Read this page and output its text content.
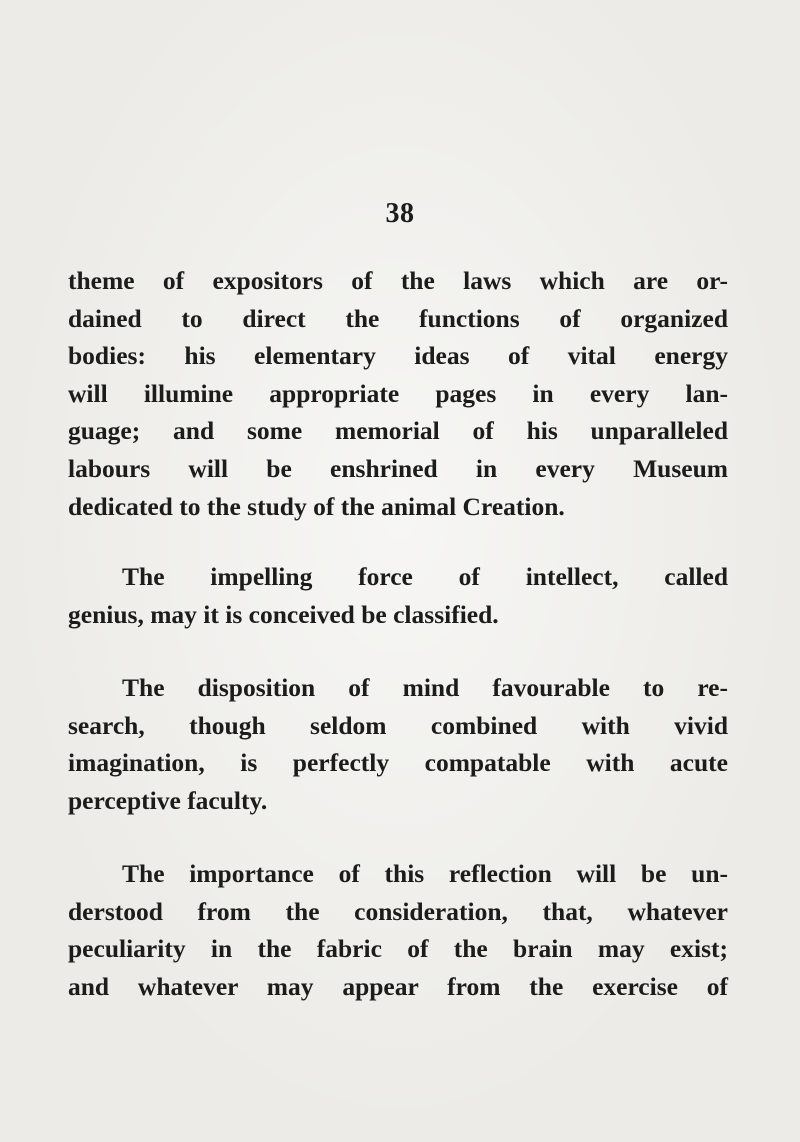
38
theme of expositors of the laws which are or-
dained to direct the functions of organized
bodies: his elementary ideas of vital energy
will illumine appropriate pages in every lan-
guage; and some memorial of his unparalleled
labours will be enshrined in every Museum
dedicated to the study of the animal Creation.
The impelling force of intellect, called
genius, may it is conceived be classified.
The disposition of mind favourable to re-
search, though seldom combined with vivid
imagination, is perfectly compatable with acute
perceptive faculty.
The importance of this reflection will be un-
derstood from the consideration, that, whatever
peculiarity in the fabric of the brain may exist;
and whatever may appear from the exercise of
